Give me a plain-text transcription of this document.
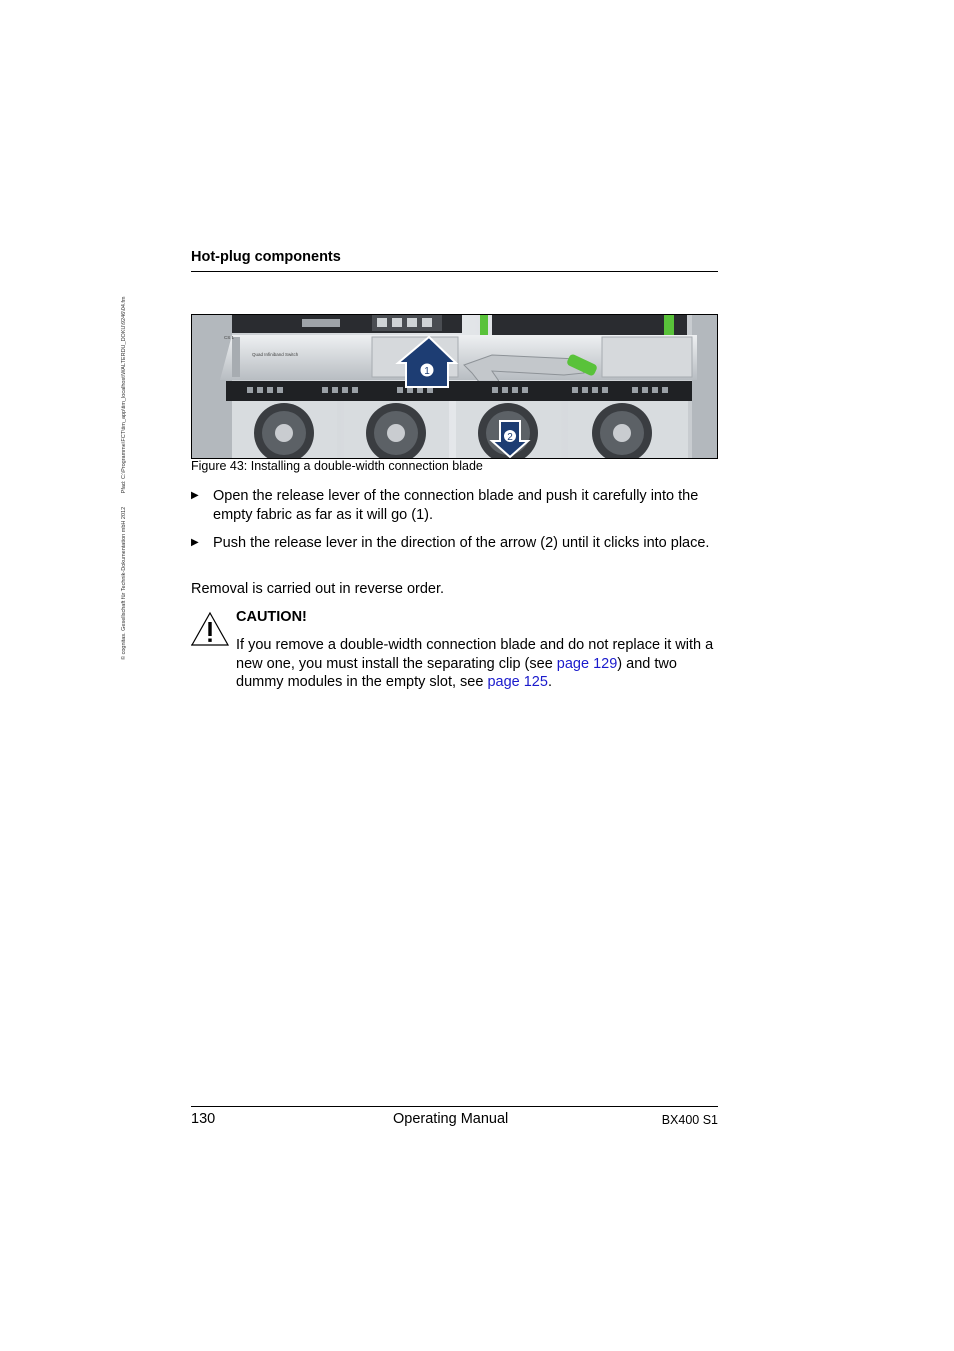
© cognitas. Gesellschaft für Technik-Dokumentation mbH 2012 Pfad: C:\Programme\FCT\tim_app\tim_localhost\WALTERDU_DOKU\9246\04.fm
Hot-plug components
Quad Infiniband Switch
CS 1
1
2
Figure 43: Installing a double-width connection blade
▶ Open the release lever of the connection blade and push it carefully into the empty fabric as far as it will go (1).
▶ Push the release lever in the direction of the arrow (2) until it clicks into place.
Removal is carried out in reverse order.
CAUTION!
If you remove a double-width connection blade and do not replace it with a new one, you must install the separating clip (see page 129) and two dummy modules in the empty slot, see page 125.
130	Operating Manual	BX400 S1
